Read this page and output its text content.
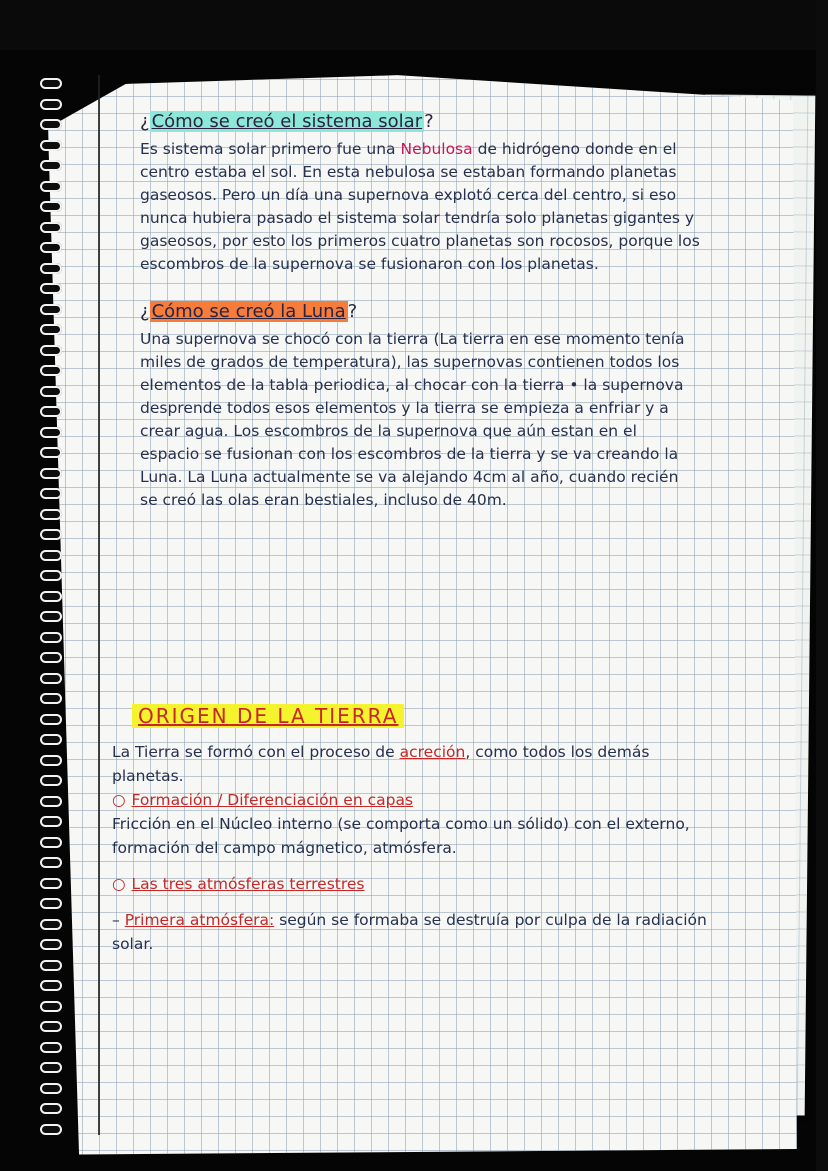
¿ Cómo se creó el sistema solar ?

Es sistema solar primero fue una Nebulosa de hidrógeno donde en el centro estaba el sol. En esta nebulosa se estaban formando planetas gaseosos. Pero un día una supernova explotó cerca del centro, si eso nunca hubiera pasado el sistema solar tendría solo planetas gigantes y gaseosos, por esto los primeros cuatro planetas son rocosos, porque los escombros de la supernova se fusionaron con los planetas.

¿ Cómo se creó la Luna ?

Una supernova se chocó con la tierra (La tierra en ese momento tenía miles de grados de temperatura), las supernovas contienen todos los elementos de la tabla periodica, al chocar con la tierra • la supernova desprende todos esos elementos y la tierra se empieza a enfriar y a crear agua. Los escombros de la supernova que aún estan en el espacio se fusionan con los escombros de la tierra y se va creando la Luna. La Luna actualmente se va alejando 4cm al año, cuando recién se creó las olas eran bestiales, incluso de 40m.

ORIGEN DE LA TIERRA

La Tierra se formó con el proceso de acreción, como todos los demás planetas.

○ Formación / Diferenciación en capas

Fricción en el Núcleo interno (se comporta como un sólido) con el externo, formación del campo mágnetico, atmósfera.

○ Las tres atmósferas terrestres

– Primera atmósfera: según se formaba se destruía por culpa de la radiación solar.
